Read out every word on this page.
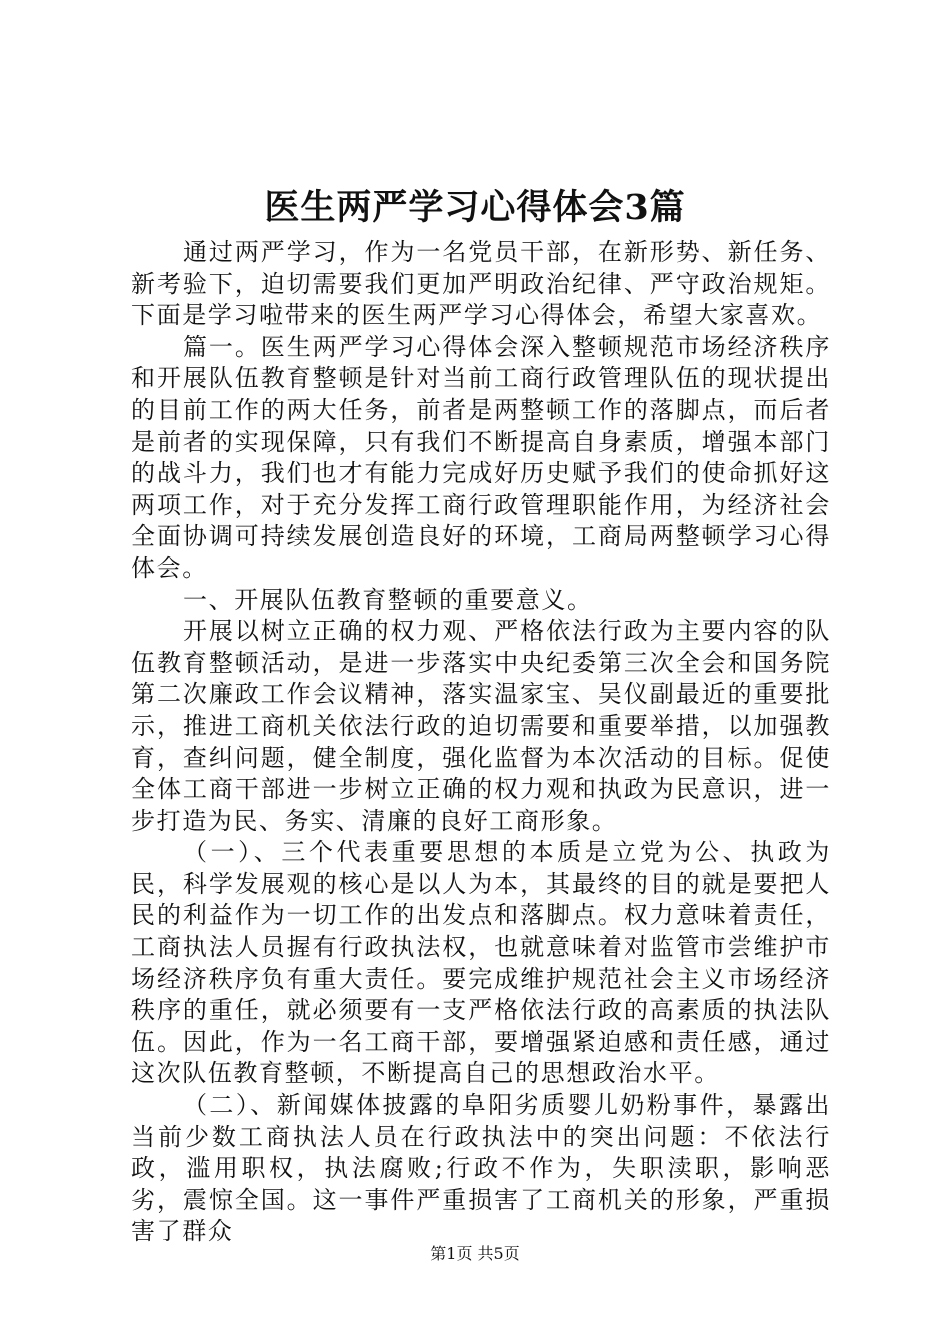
医生两严学习心得体会3篇

通过两严学习，作为一名党员干部，在新形势、新任务、新考验下，迫切需要我们更加严明政治纪律、严守政治规矩。下面是学习啦带来的医生两严学习心得体会，希望大家喜欢。

篇一。医生两严学习心得体会深入整顿规范市场经济秩序和开展队伍教育整顿是针对当前工商行政管理队伍的现状提出的目前工作的两大任务，前者是两整顿工作的落脚点，而后者是前者的实现保障，只有我们不断提高自身素质，增强本部门的战斗力，我们也才有能力完成好历史赋予我们的使命抓好这两项工作，对于充分发挥工商行政管理职能作用，为经济社会全面协调可持续发展创造良好的环境，工商局两整顿学习心得体会。

一、开展队伍教育整顿的重要意义。

开展以树立正确的权力观、严格依法行政为主要内容的队伍教育整顿活动，是进一步落实中央纪委第三次全会和国务院第二次廉政工作会议精神，落实温家宝、吴仪副最近的重要批示，推进工商机关依法行政的迫切需要和重要举措，以加强教育，查纠问题，健全制度，强化监督为本次活动的目标。促使全体工商干部进一步树立正确的权力观和执政为民意识，进一步打造为民、务实、清廉的良好工商形象。

（一）、三个代表重要思想的本质是立党为公、执政为民，科学发展观的核心是以人为本，其最终的目的就是要把人民的利益作为一切工作的出发点和落脚点。权力意味着责任，工商执法人员握有行政执法权，也就意味着对监管市尝维护市场经济秩序负有重大责任。要完成维护规范社会主义市场经济秩序的重任，就必须要有一支严格依法行政的高素质的执法队伍。因此，作为一名工商干部，要增强紧迫感和责任感，通过这次队伍教育整顿，不断提高自己的思想政治水平。

（二）、新闻媒体披露的阜阳劣质婴儿奶粉事件，暴露出当前少数工商执法人员在行政执法中的突出问题：不依法行政，滥用职权，执法腐败;行政不作为，失职渎职，影响恶劣，震惊全国。这一事件严重损害了工商机关的形象，严重损害了群众

第1页 共5页
